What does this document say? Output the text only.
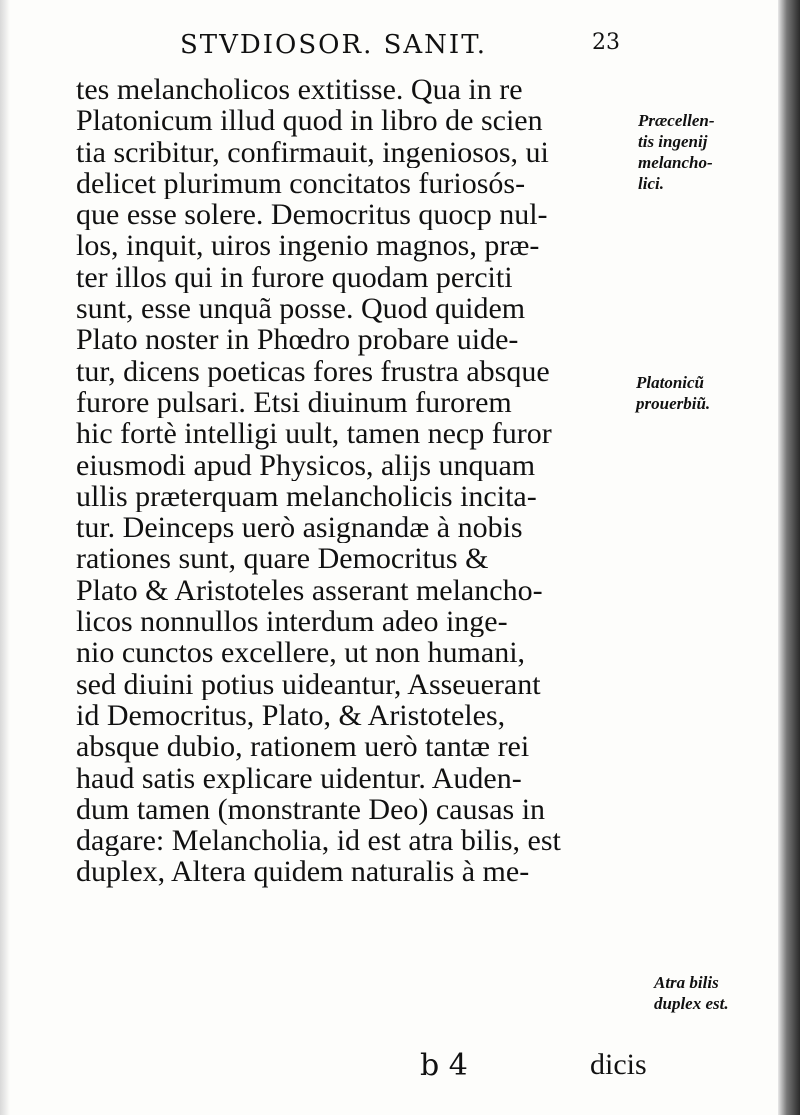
STVDIOSOR. SANIT.	23
tes melancholicos extitisse. Qua in re
Platonicum illud quod in libro de scien
tia scribitur, confirmauit, ingeniosos, ui
delicet plurimum concitatos furiosós-
que esse solere. Democritus quocp nul-
los, inquit, uiros ingenio magnos, præ-
ter illos qui in furore quodam perciti
sunt, esse unquã posse. Quod quidem
Plato noster in Phœdro probare uide-
tur, dicens poeticas fores frustra absque
furore pulsari. Etsi diuinum furorem
hic fortè intelligi uult, tamen necp furor
eiusmodi apud Physicos, alijs unquam
ullis præterquam melancholicis incita-
tur. Deinceps uerò asignandæ à nobis
rationes sunt, quare Democritus &
Plato & Aristoteles asserant melancho-
licos nonnullos interdum adeo inge-
nio cunctos excellere, ut non humani,
sed diuini potius uideantur, Asseuerant
id Democritus, Plato, & Aristoteles,
absque dubio, rationem uerò tantæ rei
haud satis explicare uidentur. Auden-
dum tamen (monstrante Deo) causas in
dagare: Melancholia, id est atra bilis, est
duplex, Altera quidem naturalis à me-
Præcellen-
tis ingenij
melancho-
lici.
Platonicũ
prouerbiũ.
Atra bilis
duplex est.
b 4	dicis
